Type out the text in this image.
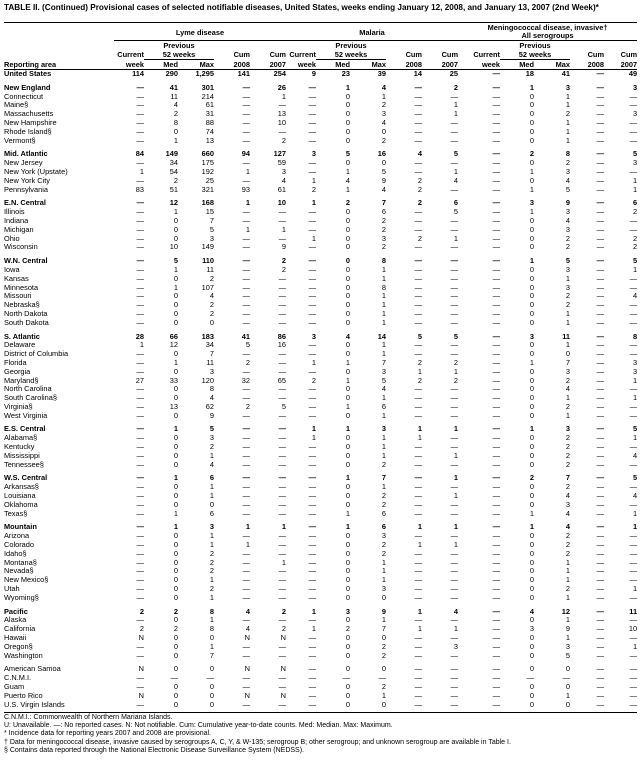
TABLE II. (Continued) Provisional cases of selected notifiable diseases, United States, weeks ending January 12, 2008, and January 13, 2007 (2nd Week)*
	Lyme disease					Malaria					Meningococcal disease, invasive†
All serogroups				

		Previous					Previous					Previous			
	Current	52 weeks		Cum	Cum	Current	52 weeks		Cum	Cum	Current	52 weeks		Cum	Cum
Reporting area	week	Med	Max	2008	2007	week	Med	Max	2008	2007	week	Med	Max	2008	2007
United States	114	290	1,295	141	254	9	23	39	14	25	—	18	41	—	49

New England	—	41	301	—	26	—	1	4	—	2	—	1	3	—	3
Connecticut	—	11	214	—	1	—	0	1	—	—	—	0	1	—	—
Maine§	—	4	61	—	—	—	0	2	—	1	—	0	1	—	—
Massachusetts	—	2	31	—	13	—	0	3	—	1	—	0	2	—	3
New Hampshire	—	8	88	—	10	—	0	4	—	—	—	0	1	—	—
Rhode Island§	—	0	74	—	—	—	0	0	—	—	—	0	1	—	—
Vermont§	—	1	13	—	2	—	0	2	—	—	—	0	1	—	—

Mid. Atlantic	84	149	660	94	127	3	5	16	4	5	—	2	8	—	5
New Jersey	—	34	175	—	59	—	0	0	—	—	—	0	2	—	3
New York (Upstate)	1	54	192	1	3	—	1	5	—	1	—	1	3	—	—
New York City	—	2	25	—	4	1	4	9	2	4	—	0	4	—	1
Pennsylvania	83	51	321	93	61	2	1	4	2	—	—	1	5	—	1

E.N. Central	—	12	168	1	10	1	2	7	2	6	—	3	9	—	6
Illinois	—	1	15	—	—	—	0	6	—	5	—	1	3	—	2
Indiana	—	0	7	—	—	—	0	2	—	—	—	0	4	—	—
Michigan	—	0	5	1	1	—	0	2	—	—	—	0	3	—	—
Ohio	—	0	3	—	—	1	0	3	2	1	—	0	2	—	2
Wisconsin	—	10	149	—	9	—	0	2	—	—	—	0	2	—	2

W.N. Central	—	5	110	—	2	—	0	8	—	—	—	1	5	—	5
Iowa	—	1	11	—	2	—	0	1	—	—	—	0	3	—	1
Kansas	—	0	2	—	—	—	0	1	—	—	—	0	1	—	—
Minnesota	—	1	107	—	—	—	0	8	—	—	—	0	3	—	—
Missouri	—	0	4	—	—	—	0	1	—	—	—	0	2	—	4
Nebraska§	—	0	2	—	—	—	0	1	—	—	—	0	2	—	—
North Dakota	—	0	2	—	—	—	0	1	—	—	—	0	1	—	—
South Dakota	—	0	0	—	—	—	0	1	—	—	—	0	1	—	—

S. Atlantic	28	66	183	41	86	3	4	14	5	5	—	3	11	—	8
Delaware	1	12	34	5	16	—	0	1	—	—	—	0	1	—	—
District of Columbia	—	0	7	—	—	—	0	1	—	—	—	0	0	—	—
Florida	—	1	11	2	—	1	1	7	2	2	—	1	7	—	3
Georgia	—	0	3	—	—	—	0	3	1	1	—	0	3	—	3
Maryland§	27	33	120	32	65	2	1	5	2	2	—	0	2	—	1
North Carolina	—	0	8	—	—	—	0	4	—	—	—	0	4	—	—
South Carolina§	—	0	4	—	—	—	0	1	—	—	—	0	1	—	1
Virginia§	—	13	62	2	5	—	1	6	—	—	—	0	2	—	—
West Virginia	—	0	9	—	—	—	0	1	—	—	—	0	1	—	—

E.S. Central	—	1	5	—	—	1	1	3	1	1	—	1	3	—	5
Alabama§	—	0	3	—	—	1	0	1	1	—	—	0	2	—	1
Kentucky	—	0	2	—	—	—	0	1	—	—	—	0	2	—	—
Mississippi	—	0	1	—	—	—	0	1	—	1	—	0	2	—	4
Tennessee§	—	0	4	—	—	—	0	2	—	—	—	0	2	—	—

W.S. Central	—	1	6	—	—	—	1	7	—	1	—	2	7	—	5
Arkansas§	—	0	1	—	—	—	0	1	—	—	—	0	2	—	—
Louisiana	—	0	1	—	—	—	0	2	—	1	—	0	4	—	4
Oklahoma	—	0	0	—	—	—	0	2	—	—	—	0	3	—	—
Texas§	—	1	6	—	—	—	1	6	—	—	—	1	4	—	1

Mountain	—	1	3	1	1	—	1	6	1	1	—	1	4	—	1
Arizona	—	0	1	—	—	—	0	3	—	—	—	0	2	—	—
Colorado	—	0	1	1	—	—	0	2	1	1	—	0	2	—	—
Idaho§	—	0	2	—	—	—	0	2	—	—	—	0	2	—	—
Montana§	—	0	2	—	1	—	0	1	—	—	—	0	1	—	—
Nevada§	—	0	2	—	—	—	0	1	—	—	—	0	1	—	—
New Mexico§	—	0	1	—	—	—	0	1	—	—	—	0	1	—	—
Utah	—	0	2	—	—	—	0	3	—	—	—	0	2	—	1
Wyoming§	—	0	1	—	—	—	0	0	—	—	—	0	1	—	—

Pacific	2	2	8	4	2	1	3	9	1	4	—	4	12	—	11
Alaska	—	0	1	—	—	—	0	1	—	—	—	0	1	—	—
California	2	2	8	4	2	1	2	7	1	1	—	3	9	—	10
Hawaii	N	0	0	N	N	—	0	0	—	—	—	0	1	—	—
Oregon§	—	0	1	—	—	—	0	2	—	3	—	0	3	—	1
Washington	—	0	7	—	—	—	0	2	—	—	—	0	5	—	—

American Samoa	N	0	0	N	N	—	0	0	—	—	—	0	0	—	—
C.N.M.I.	—	—	—	—	—	—	—	—	—	—	—	—	—	—	—
Guam	—	0	0	—	—	—	0	2	—	—	—	0	0	—	—
Puerto Rico	N	0	0	N	N	—	0	1	—	—	—	0	1	—	—
U.S. Virgin Islands	—	0	0	—	—	—	0	0	—	—	—	0	0	—	—
C.N.M.I.: Commonwealth of Northern Mariana Islands.
U: Unavailable. —: No reported cases. N: Not notifiable. Cum: Cumulative year-to-date counts. Med: Median. Max: Maximum.
* Incidence data for reporting years 2007 and 2008 are provisional.
† Data for meningococcal disease, invasive caused by serogroups A, C, Y, & W-135; serogroup B; other serogroup; and unknown serogroup are available in Table I.
§ Contains data reported through the National Electronic Disease Surveillance System (NEDSS).
